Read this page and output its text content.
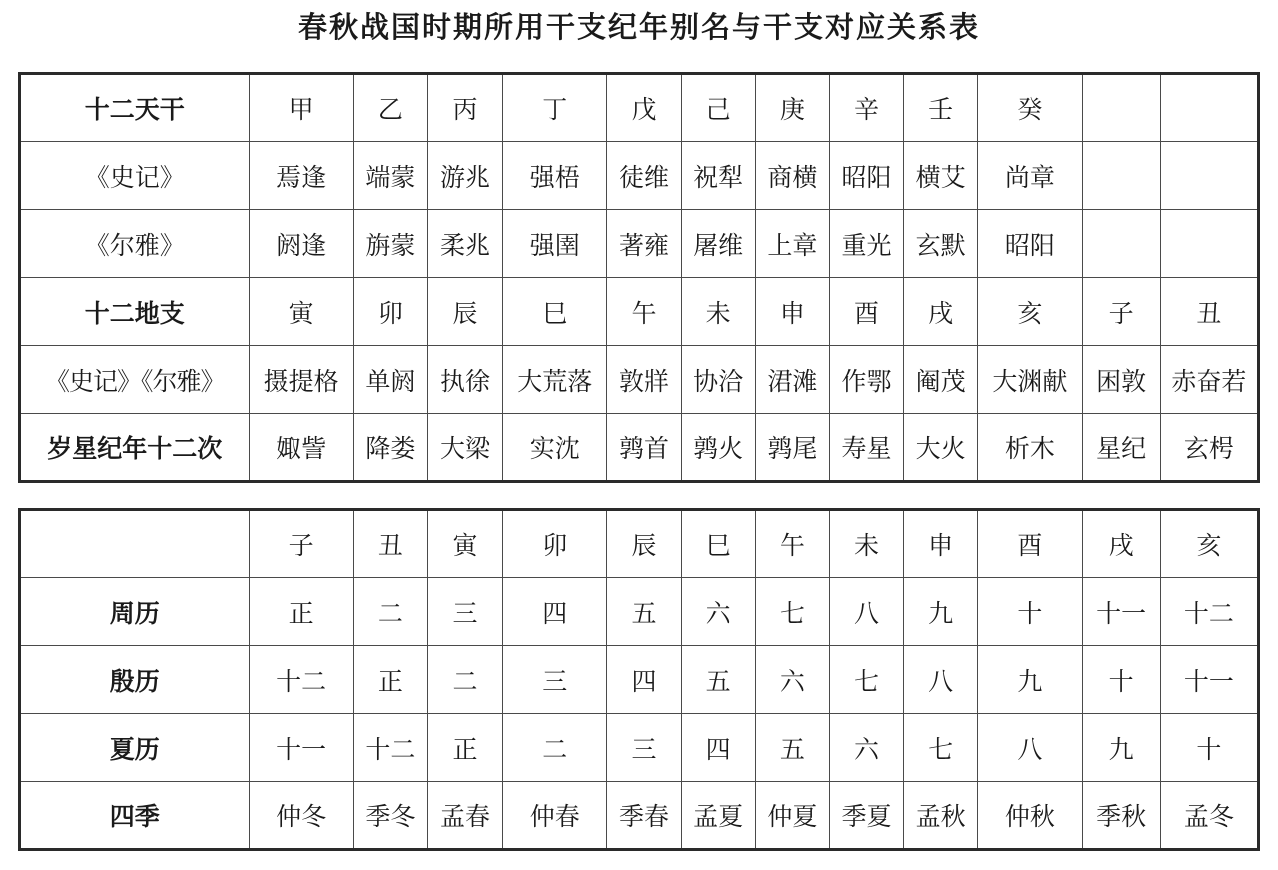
春秋战国时期所用干支纪年别名与干支对应关系表
十二天干	甲	乙	丙	丁	戊	己	庚	辛	壬	癸		
《史记》	焉逢	端蒙	游兆	强梧	徒维	祝犁	商横	昭阳	横艾	尚章		
《尔雅》	阏逢	旃蒙	柔兆	强圉	著雍	屠维	上章	重光	玄默	昭阳		
十二地支	寅	卯	辰	巳	午	未	申	酉	戌	亥	子	丑
《史记》《尔雅》	摄提格	单阏	执徐	大荒落	敦牂	协洽	涒滩	作鄂	阉茂	大渊献	困敦	赤奋若
岁星纪年十二次	娵訾	降娄	大梁	实沈	鹑首	鹑火	鹑尾	寿星	大火	析木	星纪	玄枵
	子	丑	寅	卯	辰	巳	午	未	申	酉	戌	亥
周历	正	二	三	四	五	六	七	八	九	十	十一	十二
殷历	十二	正	二	三	四	五	六	七	八	九	十	十一
夏历	十一	十二	正	二	三	四	五	六	七	八	九	十
四季	仲冬	季冬	孟春	仲春	季春	孟夏	仲夏	季夏	孟秋	仲秋	季秋	孟冬
